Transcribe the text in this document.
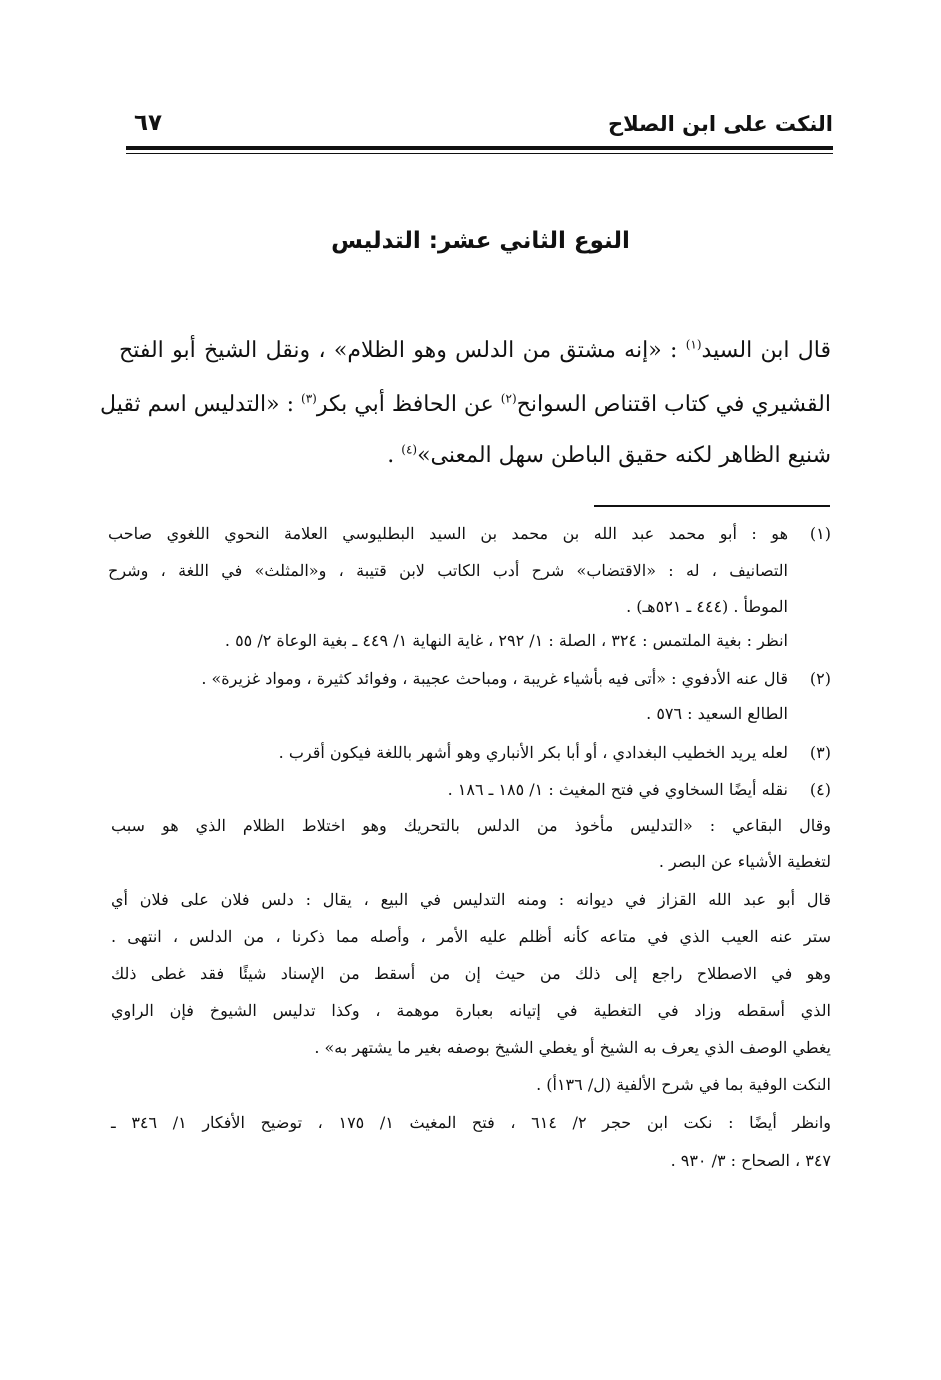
النكت على ابن الصلاح
٦٧
النوع الثاني عشر: التدليس
قال ابن السيد$^{(١)}$ : «إنه مشتق من الدلس وهو الظلام» ، ونقل الشيخ أبو الفتح
القشيري في كتاب اقتناص السوانح$^{(٢)}$ عن الحافظ أبي بكر$^{(٣)}$ : «التدليس اسم ثقيل
شنيع الظاهر لكنه حقيق الباطن سهل المعنى»$^{(٤)}$ .
(١)
هو : أبو محمد عبد الله بن محمد بن السيد البطليوسي العلامة النحوي اللغوي صاحب
التصانيف ، له : «الاقتضاب» شرح أدب الكاتب لابن قتيبة ، و«المثلث» في اللغة ، وشرح
الموطأ . (٤٤٤ ـ ٥٢١هـ) .
انظر : بغية الملتمس : ٣٢٤ ، الصلة : ١/ ٢٩٢ ، غاية النهاية ١/ ٤٤٩ ـ بغية الوعاة ٢/ ٥٥ .
(٢)
قال عنه الأدفوي : «أتى فيه بأشياء غريبة ، ومباحث عجيبة ، وفوائد كثيرة ، ومواد غزيرة» .
الطالع السعيد : ٥٧٦ .
(٣)
لعله يريد الخطيب البغدادي ، أو أبا بكر الأنباري وهو أشهر باللغة فيكون أقرب .
(٤)
نقله أيضًا السخاوي في فتح المغيث : ١/ ١٨٥ ـ ١٨٦ .
وقال البقاعي : «التدليس مأخوذ من الدلس بالتحريك وهو اختلاط الظلام الذي هو سبب
لتغطية الأشياء عن البصر .
قال أبو عبد الله القزاز في ديوانه : ومنه التدليس في البيع ، يقال : دلس فلان على فلان أي
ستر عنه العيب الذي في متاعه كأنه أظلم عليه الأمر ، وأصله مما ذكرنا ، من الدلس ، انتهى .
وهو في الاصطلاح راجع إلى ذلك من حيث إن من أسقط من الإسناد شيئًا فقد غطى ذلك
الذي أسقطه وزاد في التغطية في إتيانه بعبارة موهمة ، وكذا تدليس الشيوخ فإن الراوي
يغطي الوصف الذي يعرف به الشيخ أو يغطي الشيخ بوصفه بغير ما يشتهر به» .
النكت الوفية بما في شرح الألفية (ل/ ١٣٦أ) .
وانظر أيضًا : نكت ابن حجر ٢/ ٦١٤ ، فتح المغيث ١/ ١٧٥ ، توضيح الأفكار ١/ ٣٤٦ ـ
٣٤٧ ، الصحاح : ٣/ ٩٣٠ .
